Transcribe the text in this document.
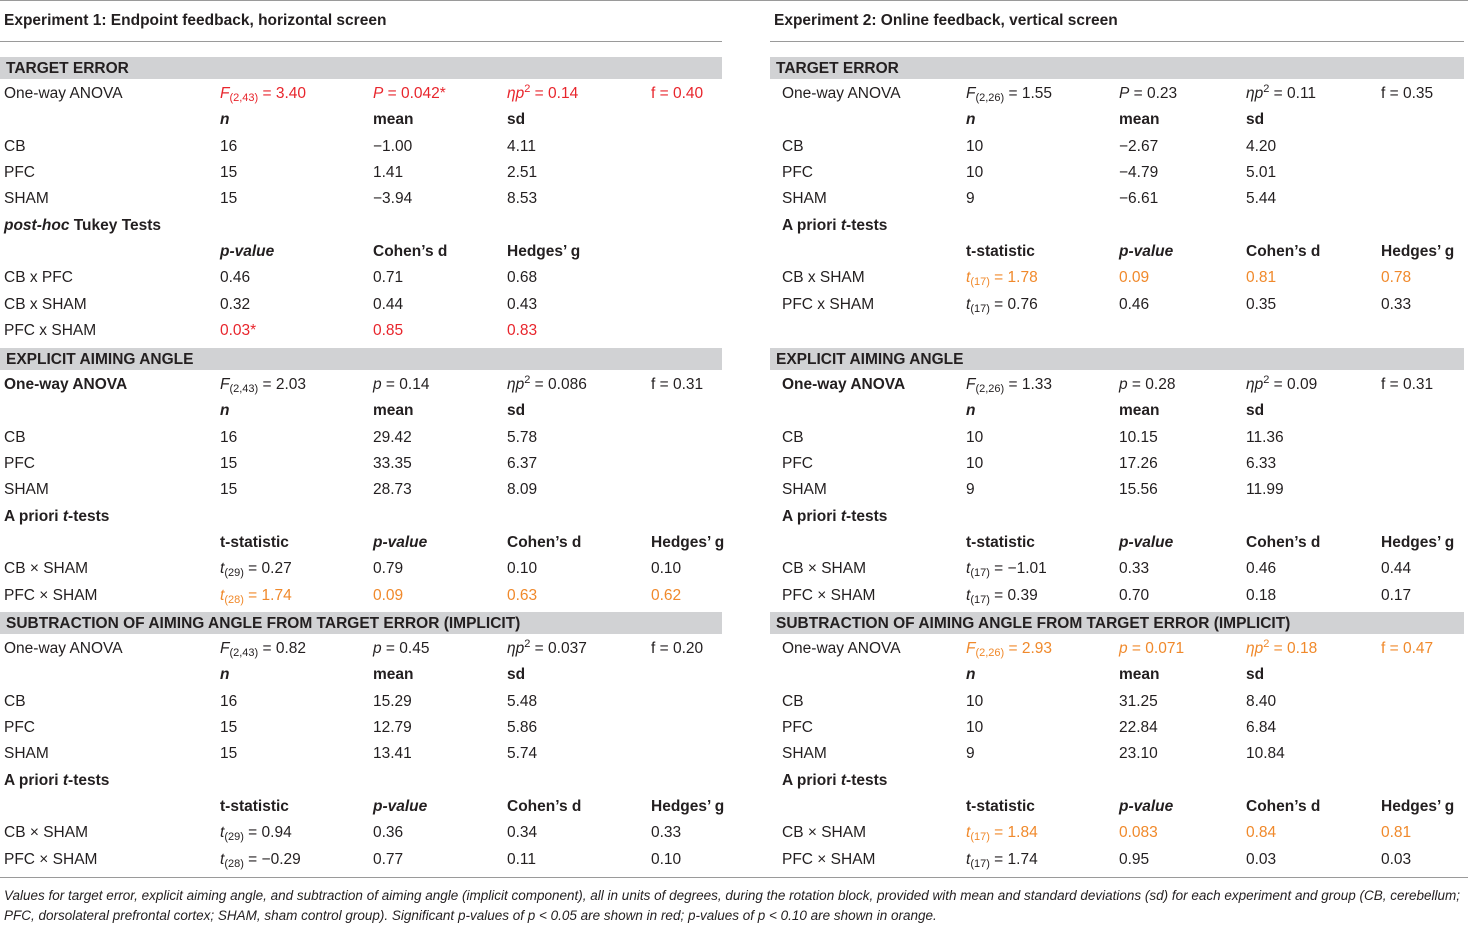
Experiment 1: Endpoint feedback, horizontal screen
TARGET ERROR
One-way ANOVA	$F_{(2,43)} = 3.40$	P = 0.042*	$\eta p^2 = 0.14$	f = 0.40
n	mean	sd
CB	16	−1.00	4.11
PFC	15	1.41	2.51
SHAM	15	−3.94	8.53
post-hoc Tukey Tests
p-value	Cohen’s d	Hedges’ g
CB x PFC	0.46	0.71	0.68
CB x SHAM	0.32	0.44	0.43
PFC x SHAM	0.03*	0.85	0.83
EXPLICIT AIMING ANGLE
One-way ANOVA	$F_{(2,43)} = 2.03$	p = 0.14	$\eta p^2 = 0.086$	f = 0.31
n	mean	sd
CB	16	29.42	5.78
PFC	15	33.35	6.37
SHAM	15	28.73	8.09
A priori t-tests
t-statistic	p-value	Cohen’s d	Hedges’ g
CB × SHAM	$t_{(29)} = 0.27$	0.79	0.10	0.10
PFC × SHAM	$t_{(28)} = 1.74$	0.09	0.63	0.62
SUBTRACTION OF AIMING ANGLE FROM TARGET ERROR (IMPLICIT)
One-way ANOVA	$F_{(2,43)} = 0.82$	p = 0.45	$\eta p^2 = 0.037$	f = 0.20
n	mean	sd
CB	16	15.29	5.48
PFC	15	12.79	5.86
SHAM	15	13.41	5.74
A priori t-tests
t-statistic	p-value	Cohen’s d	Hedges’ g
CB × SHAM	$t_{(29)} = 0.94$	0.36	0.34	0.33
PFC × SHAM	$t_{(28)} = -0.29$	0.77	0.11	0.10
Experiment 2: Online feedback, vertical screen
TARGET ERROR
One-way ANOVA	$F_{(2,26)} = 1.55$	P = 0.23	$\eta p^2 = 0.11$	f = 0.35
n	mean	sd
CB	10	−2.67	4.20
PFC	10	−4.79	5.01
SHAM	9	−6.61	5.44
A priori t-tests
t-statistic	p-value	Cohen’s d	Hedges’ g
CB x SHAM	$t_{(17)} = 1.78$	0.09	0.81	0.78
PFC x SHAM	$t_{(17)} = 0.76$	0.46	0.35	0.33
EXPLICIT AIMING ANGLE
One-way ANOVA	$F_{(2,26)} = 1.33$	p = 0.28	$\eta p^2 = 0.09$	f = 0.31
n	mean	sd
CB	10	10.15	11.36
PFC	10	17.26	6.33
SHAM	9	15.56	11.99
A priori t-tests
t-statistic	p-value	Cohen’s d	Hedges’ g
CB × SHAM	$t_{(17)} = -1.01$	0.33	0.46	0.44
PFC × SHAM	$t_{(17)} = 0.39$	0.70	0.18	0.17
SUBTRACTION OF AIMING ANGLE FROM TARGET ERROR (IMPLICIT)
One-way ANOVA	$F_{(2,26)} = 2.93$	p = 0.071	$\eta p^2 = 0.18$	f = 0.47
n	mean	sd
CB	10	31.25	8.40
PFC	10	22.84	6.84
SHAM	9	23.10	10.84
A priori t-tests
t-statistic	p-value	Cohen’s d	Hedges’ g
CB × SHAM	$t_{(17)} = 1.84$	0.083	0.84	0.81
PFC × SHAM	$t_{(17)} = 1.74$	0.95	0.03	0.03
Values for target error, explicit aiming angle, and subtraction of aiming angle (implicit component), all in units of degrees, during the rotation block, provided with mean and standard deviations (sd) for each experiment and group (CB, cerebellum; PFC, dorsolateral prefrontal cortex; SHAM, sham control group). Significant p-values of p < 0.05 are shown in red; p-values of p < 0.10 are shown in orange.
